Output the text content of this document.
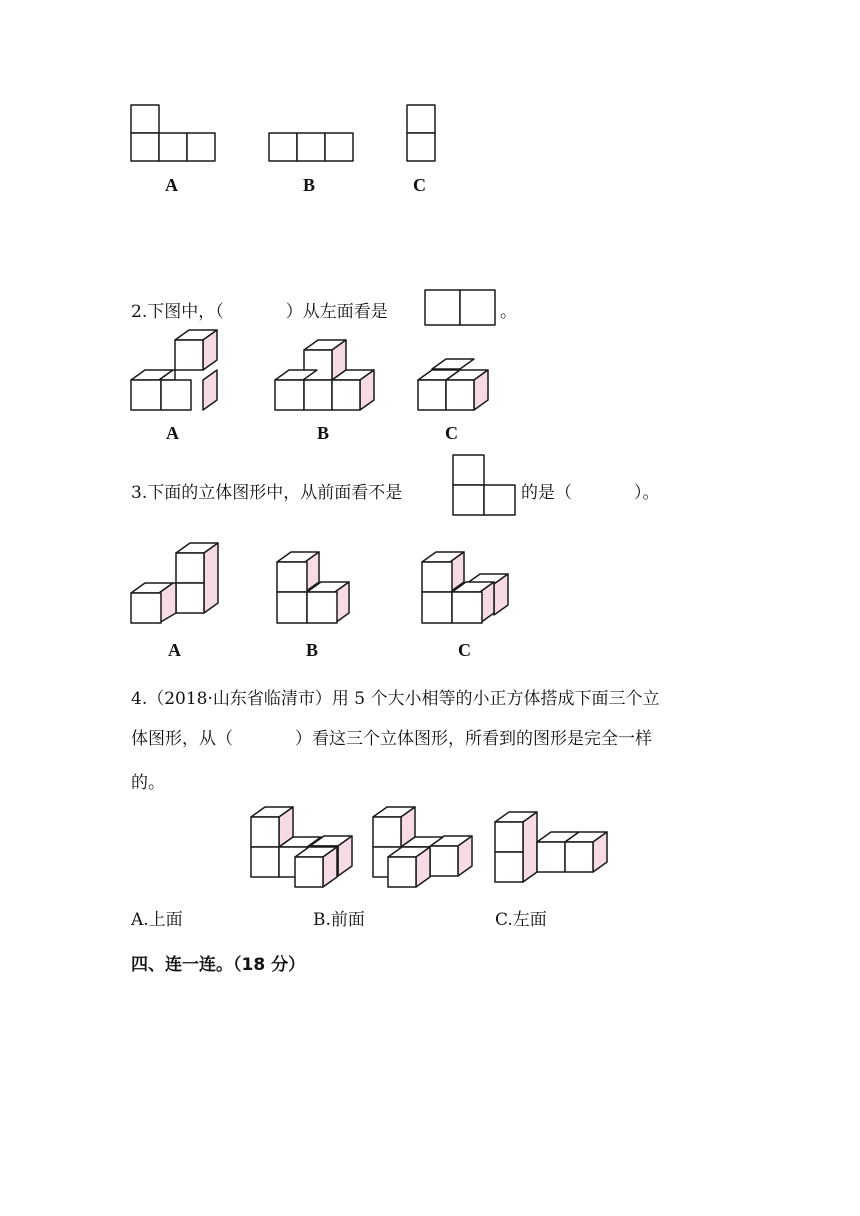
A	B	C
2.下图中，（	）从左面看是	。
A	B	C
3.下面的立体图形中，从前面看不是	的是（	）。
A	B	C
4.（2018·山东省临清市）用 5 个大小相等的小正方体搭成下面三个立
体图形，从（	）看这三个立体图形，所看到的图形是完全一样
的。
A.上面	B.前面	C.左面
四、连一连。（18 分）
